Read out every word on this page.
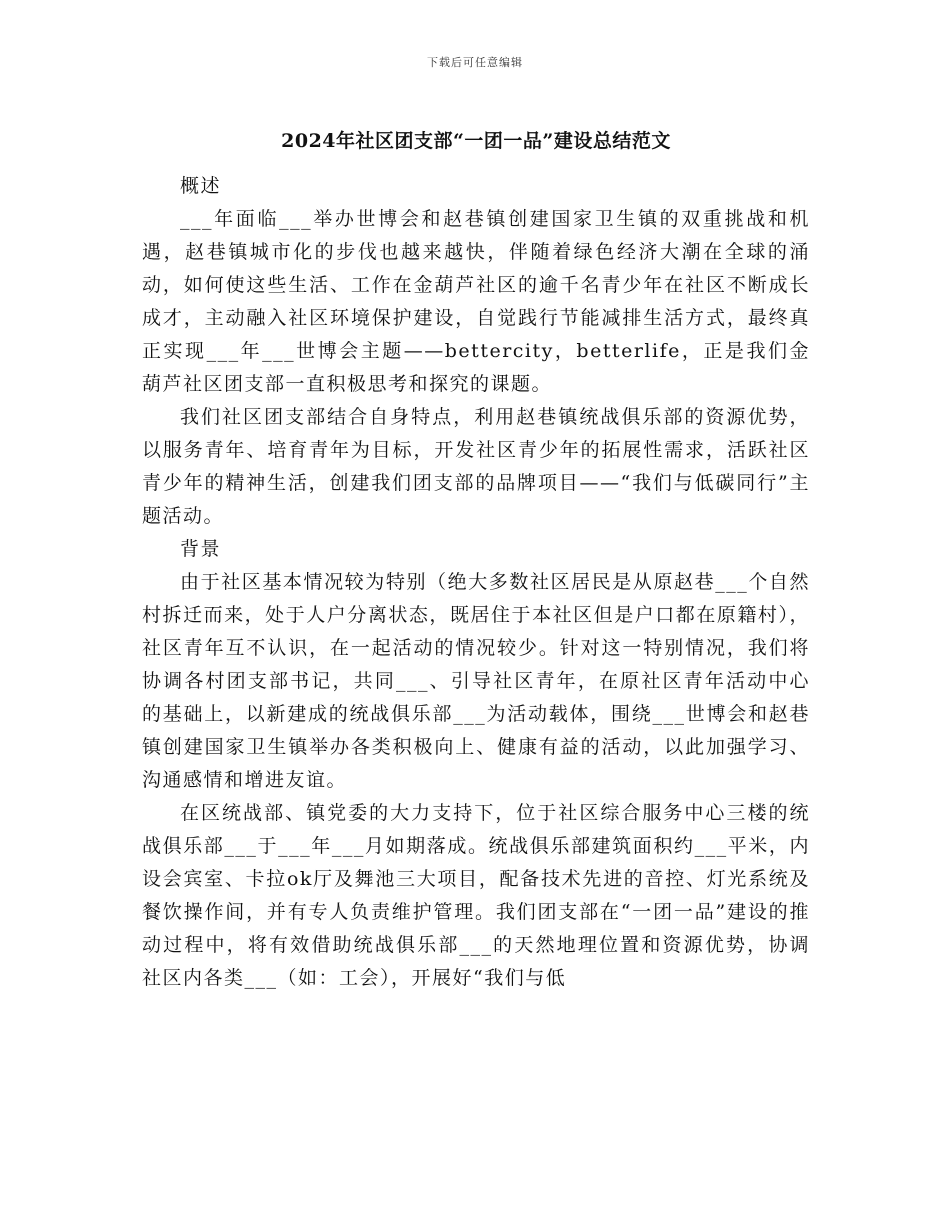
下载后可任意编辑
2024年社区团支部“一团一品”建设总结范文

概述

___年面临___举办世博会和赵巷镇创建国家卫生镇的双重挑战和机遇，赵巷镇城市化的步伐也越来越快，伴随着绿色经济大潮在全球的涌动，如何使这些生活、工作在金葫芦社区的逾千名青少年在社区不断成长成才，主动融入社区环境保护建设，自觉践行节能减排生活方式，最终真正实现___年___世博会主题——bettercity，betterlife，正是我们金葫芦社区团支部一直积极思考和探究的课题。

我们社区团支部结合自身特点，利用赵巷镇统战俱乐部的资源优势，以服务青年、培育青年为目标，开发社区青少年的拓展性需求，活跃社区青少年的精神生活，创建我们团支部的品牌项目——“我们与低碳同行”主题活动。

背景

由于社区基本情况较为特别（绝大多数社区居民是从原赵巷___个自然村拆迁而来，处于人户分离状态，既居住于本社区但是户口都在原籍村），社区青年互不认识，在一起活动的情况较少。针对这一特别情况，我们将协调各村团支部书记，共同___、引导社区青年，在原社区青年活动中心的基础上，以新建成的统战俱乐部___为活动载体，围绕___世博会和赵巷镇创建国家卫生镇举办各类积极向上、健康有益的活动，以此加强学习、沟通感情和增进友谊。

在区统战部、镇党委的大力支持下，位于社区综合服务中心三楼的统战俱乐部___于___年___月如期落成。统战俱乐部建筑面积约___平米，内设会宾室、卡拉ok厅及舞池三大项目，配备技术先进的音控、灯光系统及餐饮操作间，并有专人负责维护管理。我们团支部在“一团一品”建设的推动过程中，将有效借助统战俱乐部___的天然地理位置和资源优势，协调社区内各类___（如：工会），开展好“我们与低
